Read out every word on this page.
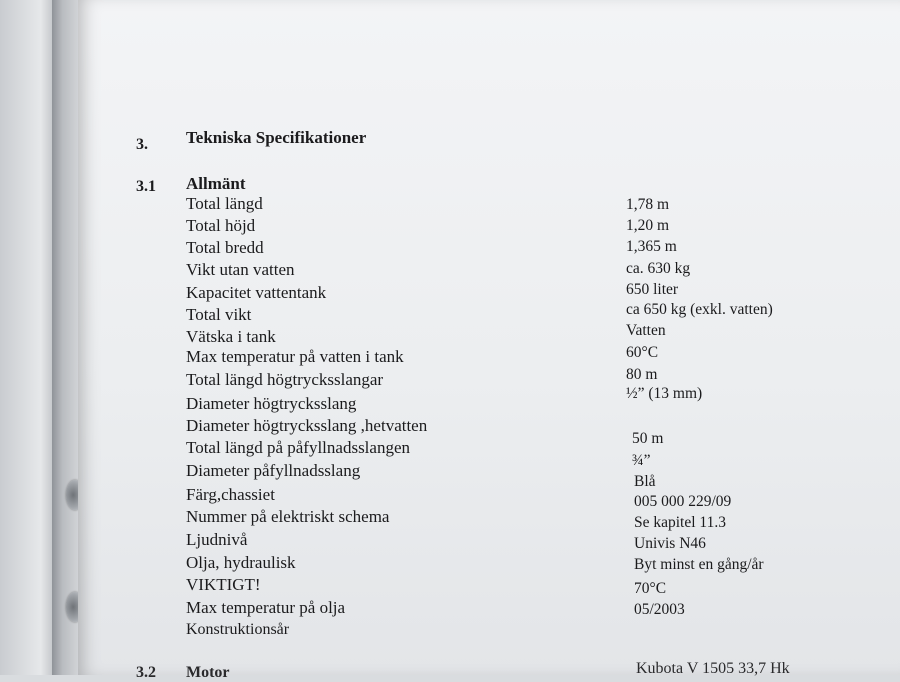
3. Tekniska Specifikationer
3.1 Allmänt
Total längd
Total höjd
Total bredd
Vikt utan vatten
Kapacitet vattentank
Total vikt
Vätska i tank
Max temperatur på vatten i tank
Total längd högtrycksslangar
Diameter högtrycksslang
Diameter högtrycksslang ,hetvatten
Total längd på påfyllnadsslangen
Diameter påfyllnadsslang
Färg,chassiet
Nummer på elektriskt schema
Ljudnivå
Olja, hydraulisk
VIKTIGT!
Max temperatur på olja
Konstruktionsår
1,78 m
1,20 m
1,365 m
ca. 630 kg
650 liter
ca 650 kg (exkl. vatten)
Vatten
60°C
80 m
½” (13 mm)
50 m
¾”
Blå
005 000 229/09
Se kapitel 11.3
Univis N46
Byt minst en gång/år
70°C
05/2003
3.2 Motor	Kubota V 1505 33,7 Hk
